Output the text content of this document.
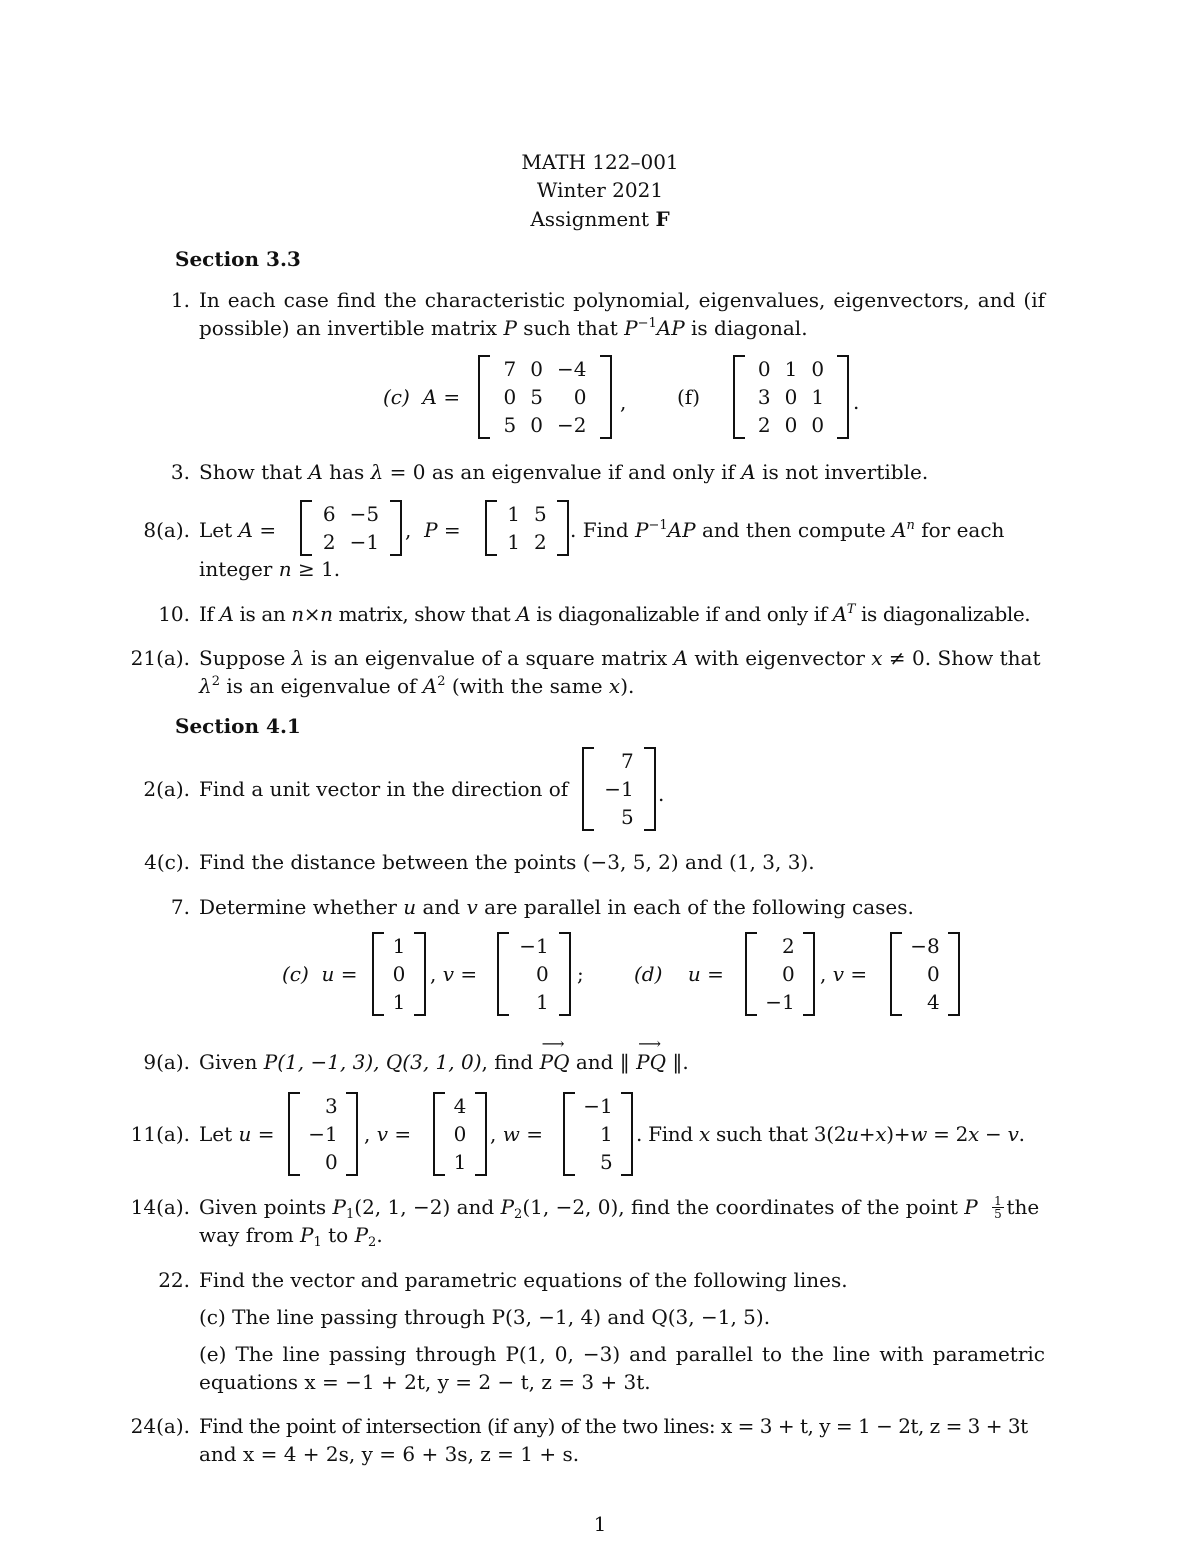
MATH 122–001
Winter 2021
Assignment F
Section 3.3
1. In each case find the characteristic polynomial, eigenvalues, eigenvectors, and (if
possible) an invertible matrix P such that $P^{-1}AP$ is diagonal.
(c) A =
7	0	−4
0	5	0
5	0	−2
,	(f)
0	1	0
3	0	1
2	0	0
.
3. Show that A has λ = 0 as an eigenvalue if and only if A is not invertible.
8(a). Let A =
6	−5
2	−1 ,  P =
1	5
1	2 . Find $P^{-1}AP$ and then compute $A^n$ for each
integer n ≥ 1.
10. If A is an n×n matrix, show that A is diagonalizable if and only if $A^T$ is diagonalizable.
21(a). Suppose λ is an eigenvalue of a square matrix A with eigenvector x ≠ 0. Show that
$\lambda^2$ is an eigenvalue of $A^2$ (with the same x).
Section 4.1
2(a). Find a unit vector in the direction of
7
−1
5
.
4(c). Find the distance between the points (−3, 5, 2) and (1, 3, 3).
7. Determine whether u and v are parallel in each of the following cases.
(c) u =
1
0
1
, v =
−1
0
1
;	(d) u =
2
0
−1
, v =
−8
0
4
9(a). Given P(1, −1, 3), Q(3, 1, 0), find
⟶
PQ and ‖
⟶
PQ ‖.
11(a). Let u =
3
−1
0
, v =
4
0
1
, w =
−1
1
5
. Find x such that 3(2u+x)+w = 2x − v.
14(a). Given points $P_1(2$, 1, −2) and $P_2(1$, −2, 0), find the coordinates of the point P the
$\frac{1}{5}$
way from $P_1$ to $P_2$.
22. Find the vector and parametric equations of the following lines.
(c) The line passing through P(3, −1, 4) and Q(3, −1, 5).
(e) The line passing through P(1, 0, −3) and parallel to the line with parametric
equations x = −1 + 2t, y = 2 − t, z = 3 + 3t.
24(a). Find the point of intersection (if any) of the two lines: x = 3 + t, y = 1 − 2t, z = 3 + 3t
and x = 4 + 2s, y = 6 + 3s, z = 1 + s.
1
